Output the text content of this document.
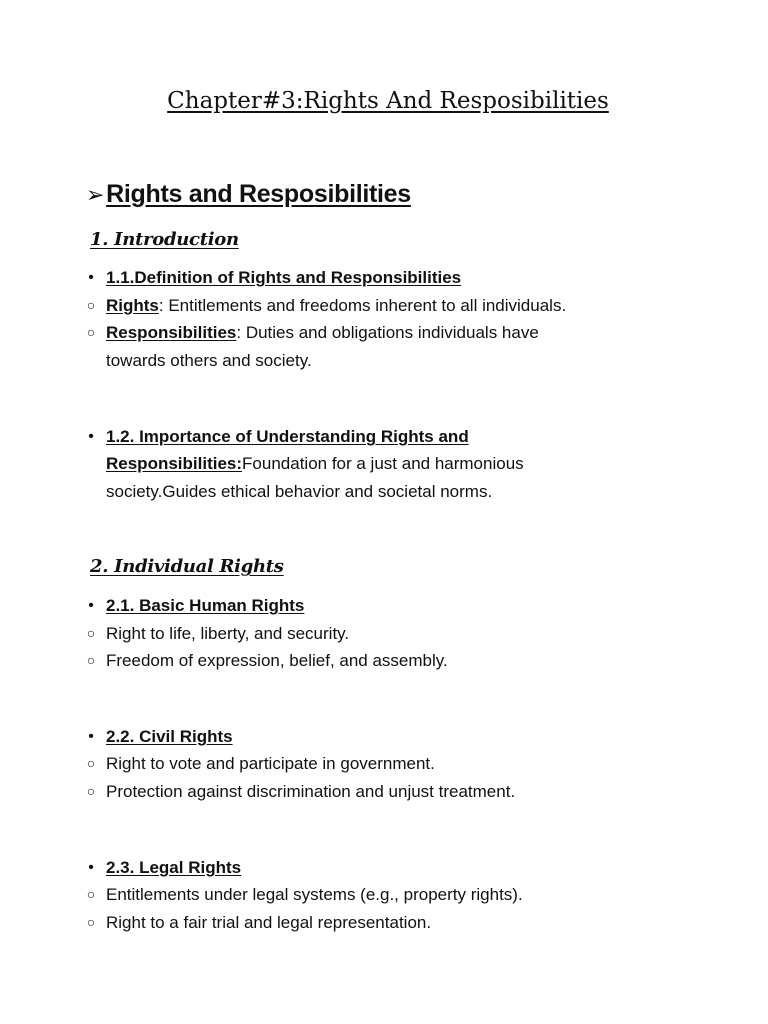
Chapter#3:Rights And Resposibilities
➢Rights and Resposibilities
1. Introduction
• 1.1.Definition of Rights and Responsibilities
○ Rights: Entitlements and freedoms inherent to all individuals.
○ Responsibilities: Duties and obligations individuals have
towards others and society.
• 1.2. Importance of Understanding Rights and
Responsibilities:Foundation for a just and harmonious
society.Guides ethical behavior and societal norms.
2. Individual Rights
• 2.1. Basic Human Rights
○ Right to life, liberty, and security.
○ Freedom of expression, belief, and assembly.
• 2.2. Civil Rights
○ Right to vote and participate in government.
○ Protection against discrimination and unjust treatment.
• 2.3. Legal Rights
○ Entitlements under legal systems (e.g., property rights).
○ Right to a fair trial and legal representation.
